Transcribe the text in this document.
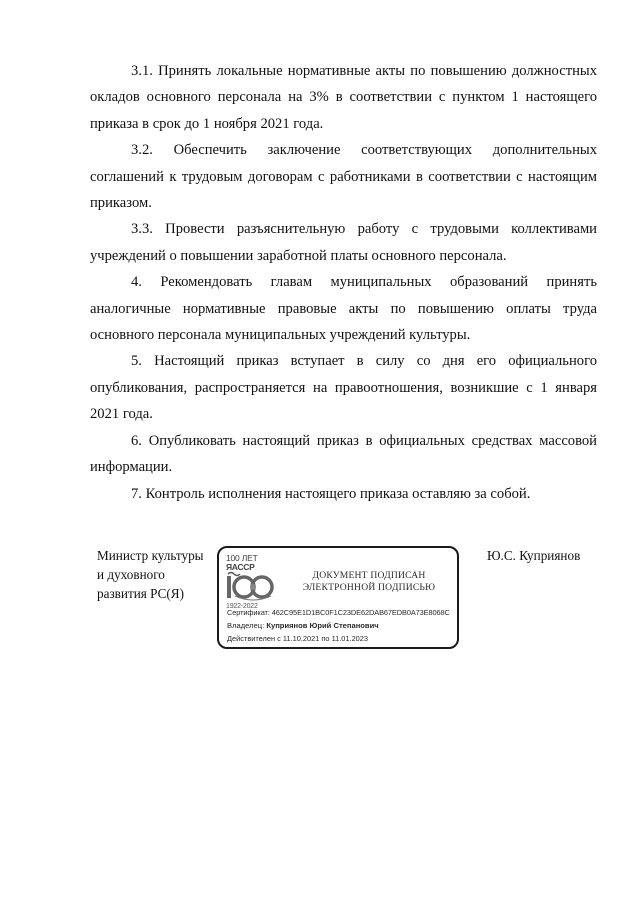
3.1. Принять локальные нормативные акты по повышению должностных окладов основного персонала на 3% в соответствии с пунктом 1 настоящего приказа в срок до 1 ноября 2021 года.

3.2. Обеспечить заключение соответствующих дополнительных соглашений к трудовым договорам с работниками в соответствии с настоящим приказом.

3.3. Провести разъяснительную работу с трудовыми коллективами учреждений о повышении заработной платы основного персонала.

4. Рекомендовать главам муниципальных образований принять аналогичные нормативные правовые акты по повышению оплаты труда основного персонала муниципальных учреждений культуры.

5. Настоящий приказ вступает в силу со дня его официального опубликования, распространяется на правоотношения, возникшие с 1 января 2021 года.

6. Опубликовать настоящий приказ в официальных средствах массовой информации.

7. Контроль исполнения настоящего приказа оставляю за собой.

Министр культуры и духовного развития РС(Я)
100 ЛЕТ
ЯАССР
1922-2022
ДОКУМЕНТ ПОДПИСАН
ЭЛЕКТРОННОЙ ПОДПИСЬЮ
Сертификат: 462C95E1D1BC0F1C23DE62DAB67EDB0A73E8068C
Владелец: Куприянов Юрий Степанович
Действителен с 11.10.2021 по 11.01.2023
Ю.С. Куприянов
